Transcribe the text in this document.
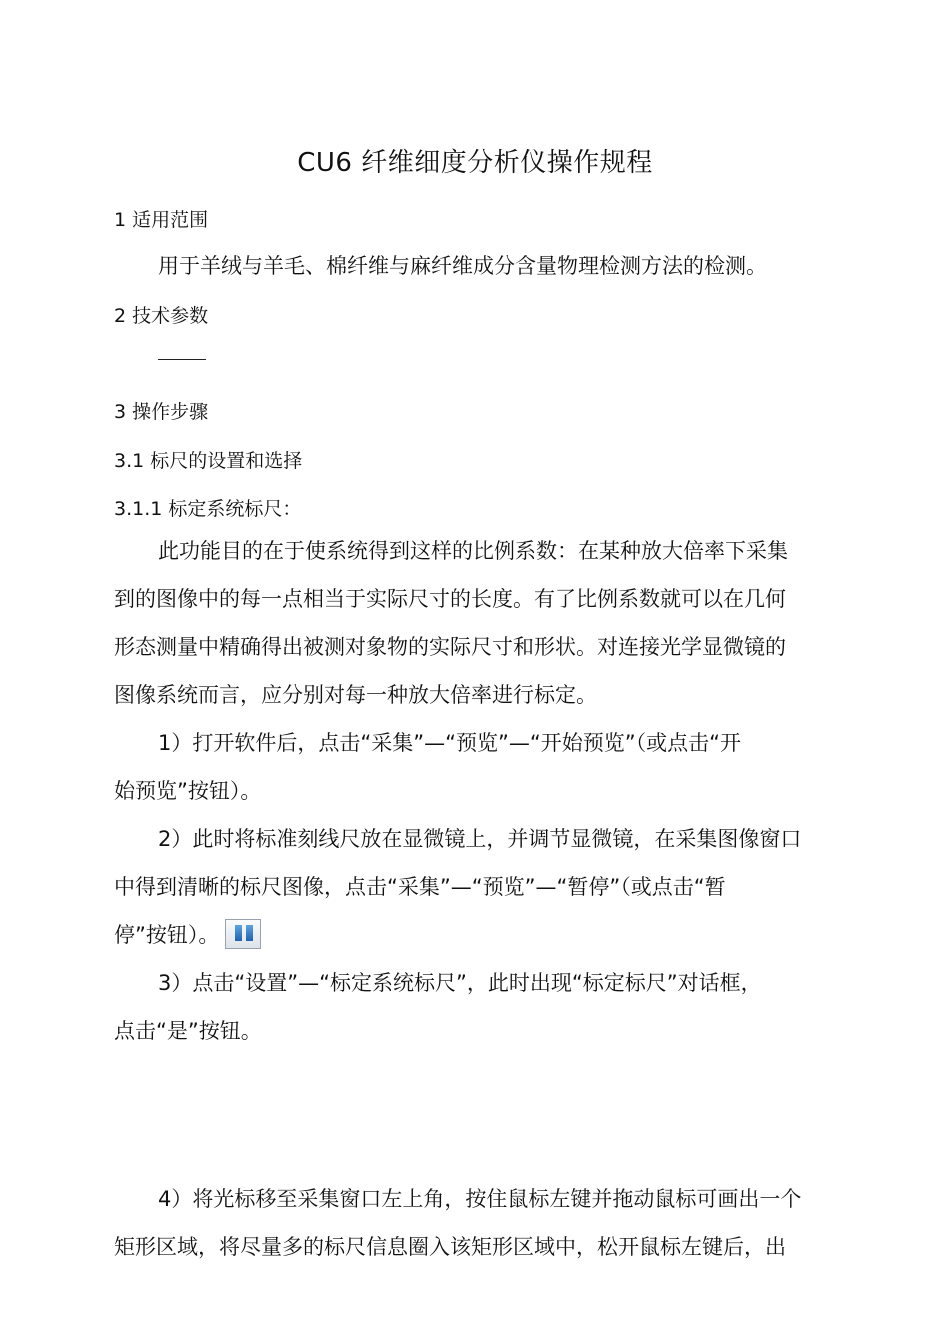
CU6 纤维细度分析仪操作规程
1 适用范围
用于羊绒与羊毛、棉纤维与麻纤维成分含量物理检测方法的检测。
2 技术参数
3 操作步骤
3.1 标尺的设置和选择
3.1.1 标定系统标尺：
此功能目的在于使系统得到这样的比例系数：在某种放大倍率下采集
到的图像中的每一点相当于实际尺寸的长度。有了比例系数就可以在几何
形态测量中精确得出被测对象物的实际尺寸和形状。对连接光学显微镜的
图像系统而言，应分别对每一种放大倍率进行标定。
1）打开软件后，点击“采集”—“预览”—“开始预览”（或点击“开
始预览”按钮）。
2）此时将标准刻线尺放在显微镜上，并调节显微镜，在采集图像窗口
中得到清晰的标尺图像，点击“采集”—“预览”—“暂停”（或点击“暂
停”按钮）。
3）点击“设置”—“标定系统标尺”，此时出现“标定标尺”对话框，
点击“是”按钮。
4）将光标移至采集窗口左上角，按住鼠标左键并拖动鼠标可画出一个
矩形区域，将尽量多的标尺信息圈入该矩形区域中，松开鼠标左键后，出
